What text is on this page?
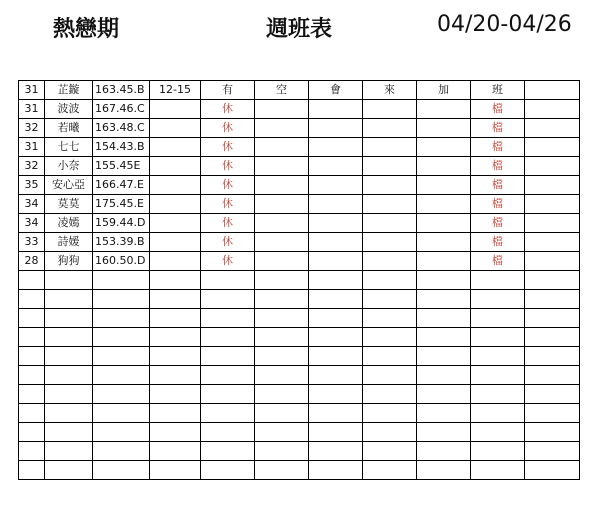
熱戀期	週班表	04/20-04/26
31	芷鏇	163.45.B	12-15	有	空	會	來	加	班	
31	波波	167.46.C		休					檔	
32	若曦	163.48.C		休					檔	
31	七七	154.43.B		休					檔	
32	小奈	155.45E		休					檔	
35	安心亞	166.47.E		休					檔	
34	莫莫	175.45.E		休					檔	
34	凌嫣	159.44.D		休					檔	
33	詩媛	153.39.B		休					檔	
28	狗狗	160.50.D		休					檔	
